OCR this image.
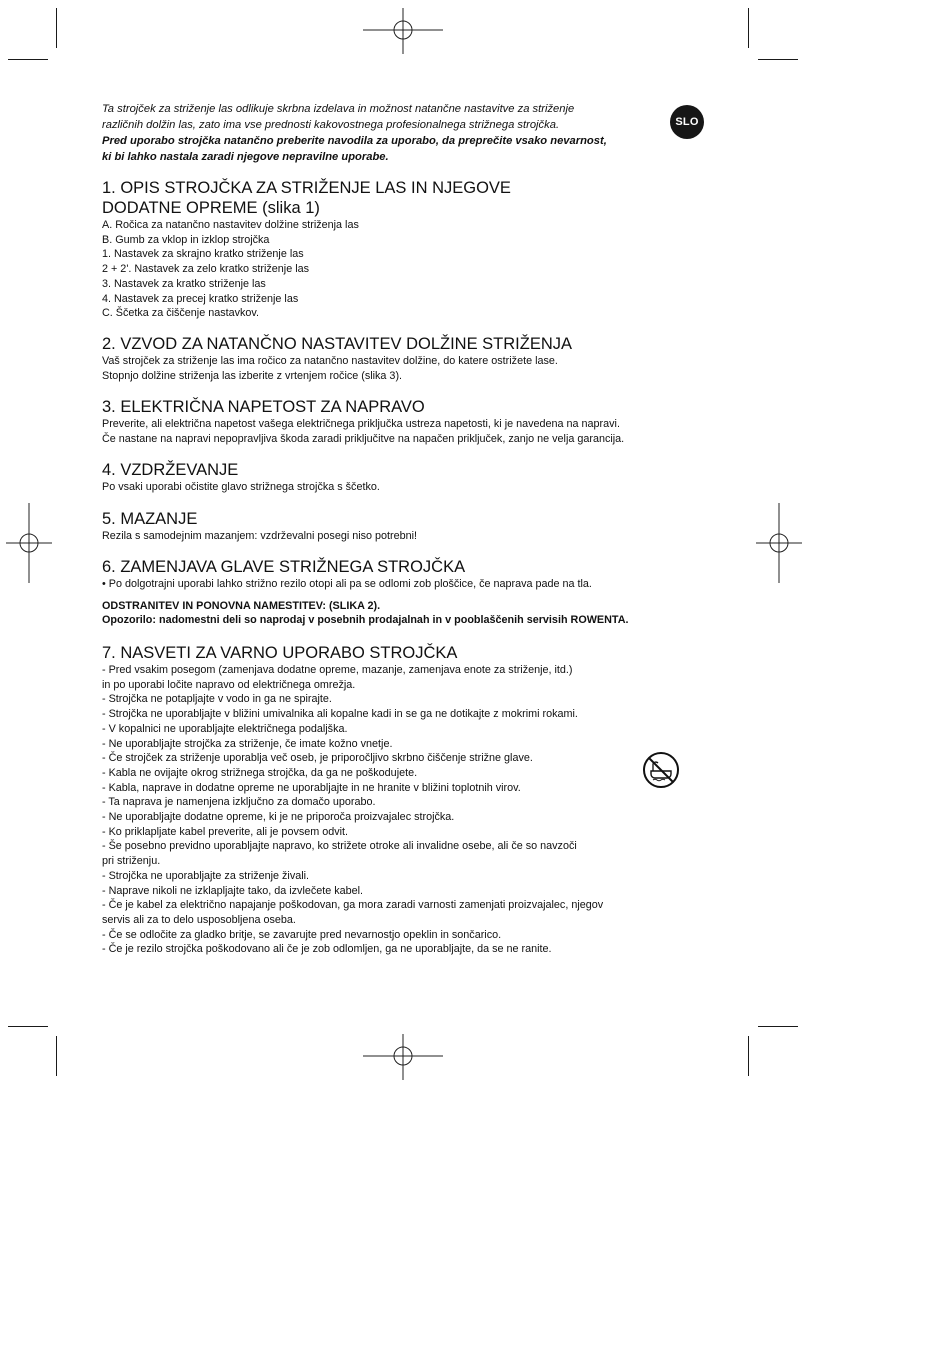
SLO

Ta strojček za striženje las odlikuje skrbna izdelava in možnost natančne nastavitve za striženje

različnih dolžin las, zato ima vse prednosti kakovostnega profesionalnega strižnega strojčka.

Pred uporabo strojčka natančno preberite navodila za uporabo, da preprečite vsako nevarnost,

ki bi lahko nastala zaradi njegove nepravilne uporabe.

1. OPIS STROJČKA ZA STRIŽENJE LAS IN NJEGOVE
DODATNE OPREME (slika 1)
A. Ročica za natančno nastavitev dolžine striženja las
B. Gumb za vklop in izklop strojčka
1. Nastavek za skrajno kratko striženje las
2 + 2'. Nastavek za zelo kratko striženje las
3. Nastavek za kratko striženje las
4. Nastavek za precej kratko striženje las
C. Ščetka za čiščenje nastavkov.
2. VZVOD ZA NATANČNO NASTAVITEV DOLŽINE STRIŽENJA

Vaš strojček za striženje las ima ročico za natančno nastavitev dolžine, do katere ostrižete lase.

Stopnjo dolžine striženja las izberite z vrtenjem ročice (slika 3).

3. ELEKTRIČNA NAPETOST ZA NAPRAVO

Preverite, ali električna napetost vašega električnega priključka ustreza napetosti, ki je navedena na napravi.

Če nastane na napravi nepopravljiva škoda zaradi priključitve na napačen priključek, zanjo ne velja garancija.

4. VZDRŽEVANJE

Po vsaki uporabi očistite glavo strižnega strojčka s ščetko.

5. MAZANJE

Rezila s samodejnim mazanjem: vzdrževalni posegi niso potrebni!

6. ZAMENJAVA GLAVE STRIŽNEGA STROJČKA

• Po dolgotrajni uporabi lahko strižno rezilo otopi ali pa se odlomi zob ploščice, če naprava pade na tla.

ODSTRANITEV IN PONOVNA NAMESTITEV: (SLIKA 2).

Opozorilo: nadomestni deli so naprodaj v posebnih prodajalnah in v pooblaščenih servisih ROWENTA.

7. NASVETI ZA VARNO UPORABO STROJČKA
- Pred vsakim posegom (zamenjava dodatne opreme, mazanje, zamenjava enote za striženje, itd.)
in po uporabi ločite napravo od električnega omrežja.
- Strojčka ne potapljajte v vodo in ga ne spirajte.
- Strojčka ne uporabljajte v bližini umivalnika ali kopalne kadi in se ga ne dotikajte z mokrimi rokami.
- V kopalnici ne uporabljajte električnega podaljška.
- Ne uporabljajte strojčka za striženje, če imate kožno vnetje.
- Če strojček za striženje uporablja več oseb, je priporočljivo skrbno čiščenje strižne glave.
- Kabla ne ovijajte okrog strižnega strojčka, da ga ne poškodujete.
- Kabla, naprave in dodatne opreme ne uporabljajte in ne hranite v bližini toplotnih virov.
- Ta naprava je namenjena izključno za domačo uporabo.
- Ne uporabljajte dodatne opreme, ki je ne priporoča proizvajalec strojčka.
- Ko priklapljate kabel preverite, ali je povsem odvit.
- Še posebno previdno uporabljajte napravo, ko strižete otroke ali invalidne osebe, ali če so navzoči
pri striženju.
- Strojčka ne uporabljajte za striženje živali.
- Naprave nikoli ne izklapljajte tako, da izvlečete kabel.
- Če je kabel za električno napajanje poškodovan, ga mora zaradi varnosti zamenjati proizvajalec, njegov
servis ali za to delo usposobljena oseba.
- Če se odločite za gladko britje, se zavarujte pred nevarnostjo opeklin in sončarico.
- Če je rezilo strojčka poškodovano ali če je zob odlomljen, ga ne uporabljajte, da se ne ranite.
